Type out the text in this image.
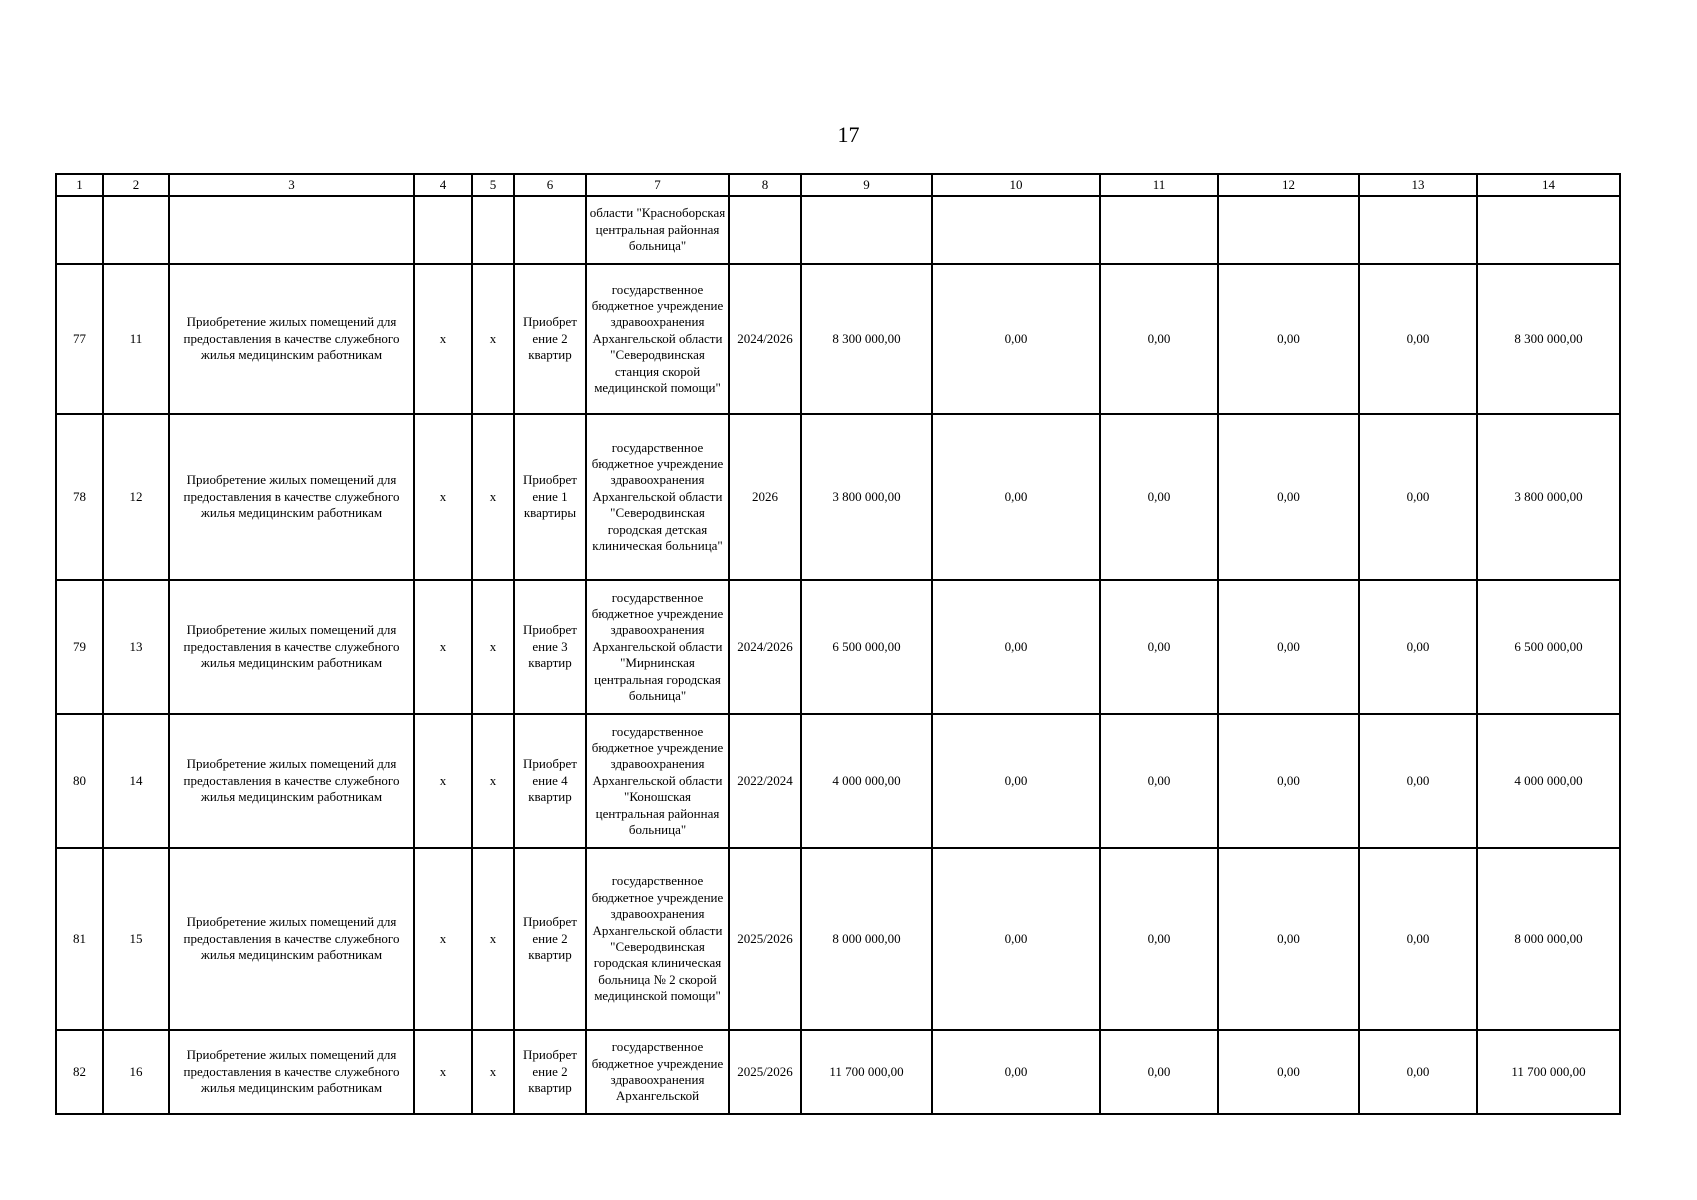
17
1	2	3	4	5	6	7	8	9	10	11	12	13	14
						области "Красноборская центральная районная больница"							
77	11	Приобретение жилых помещений для предоставления в качестве служебного жилья медицинским работникам	х	х	Приобрет ение 2 квартир	государственное бюджетное учреждение здравоохранения Архангельской области "Северодвинская станция скорой медицинской помощи"	2024/2026	8 300 000,00	0,00	0,00	0,00	0,00	8 300 000,00
78	12	Приобретение жилых помещений для предоставления в качестве служебного жилья медицинским работникам	х	х	Приобрет ение 1 квартиры	государственное бюджетное учреждение здравоохранения Архангельской области "Северодвинская городская детская клиническая больница"	2026	3 800 000,00	0,00	0,00	0,00	0,00	3 800 000,00
79	13	Приобретение жилых помещений для предоставления в качестве служебного жилья медицинским работникам	х	х	Приобрет ение 3 квартир	государственное бюджетное учреждение здравоохранения Архангельской области "Мирнинская центральная городская больница"	2024/2026	6 500 000,00	0,00	0,00	0,00	0,00	6 500 000,00
80	14	Приобретение жилых помещений для предоставления в качестве служебного жилья медицинским работникам	х	х	Приобрет ение 4 квартир	государственное бюджетное учреждение здравоохранения Архангельской области "Коношская центральная районная больница"	2022/2024	4 000 000,00	0,00	0,00	0,00	0,00	4 000 000,00
81	15	Приобретение жилых помещений для предоставления в качестве служебного жилья медицинским работникам	х	х	Приобрет ение 2 квартир	государственное бюджетное учреждение здравоохранения Архангельской области "Северодвинская городская клиническая больница № 2 скорой медицинской помощи"	2025/2026	8 000 000,00	0,00	0,00	0,00	0,00	8 000 000,00
82	16	Приобретение жилых помещений для предоставления в качестве служебного жилья медицинским работникам	х	х	Приобрет ение 2 квартир	государственное бюджетное учреждение здравоохранения Архангельской	2025/2026	11 700 000,00	0,00	0,00	0,00	0,00	11 700 000,00
